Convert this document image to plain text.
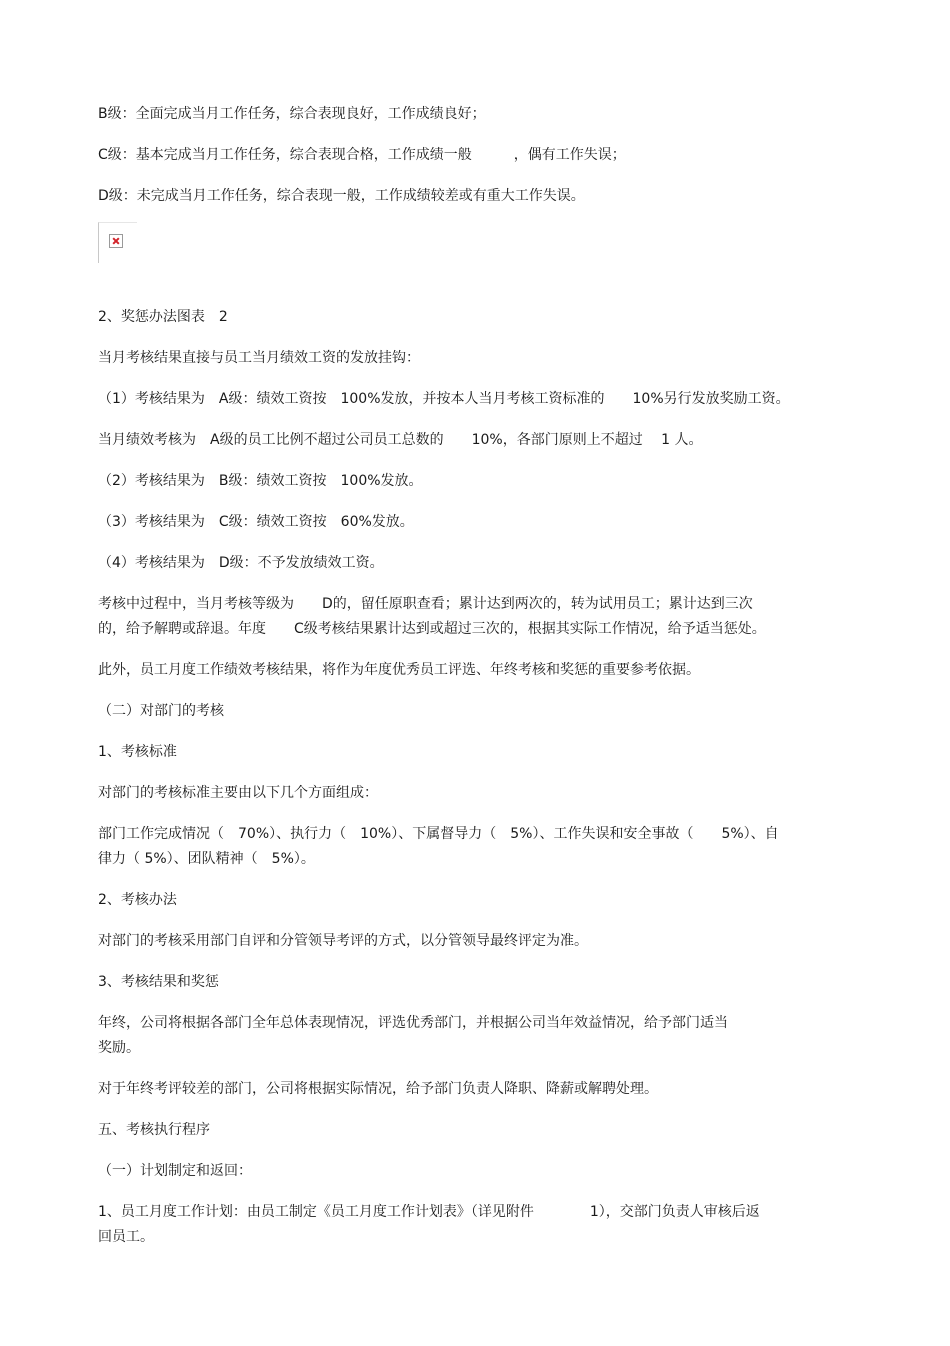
B级：全面完成当月工作任务，综合表现良好，工作成绩良好；

C级：基本完成当月工作任务，综合表现合格，工作成绩一般　　　，偶有工作失误；

D级：未完成当月工作任务，综合表现一般，工作成绩较差或有重大工作失误。

2、奖惩办法图表　2

当月考核结果直接与员工当月绩效工资的发放挂钩：

（1）考核结果为　A级：绩效工资按　100%发放，并按本人当月考核工资标准的　　10%另行发放奖励工资。

当月绩效考核为　A级的员工比例不超过公司员工总数的　　10%，各部门原则上不超过　 1 人。

（2）考核结果为　B级：绩效工资按　100%发放。

（3）考核结果为　C级：绩效工资按　60%发放。

（4）考核结果为　D级：不予发放绩效工资。

考核中过程中，当月考核等级为　　D的，留任原职查看；累计达到两次的，转为试用员工；累计达到三次
的，给予解聘或辞退。年度　　C级考核结果累计达到或超过三次的，根据其实际工作情况，给予适当惩处。

此外，员工月度工作绩效考核结果，将作为年度优秀员工评选、年终考核和奖惩的重要参考依据。

（二）对部门的考核

1、考核标准

对部门的考核标准主要由以下几个方面组成：

部门工作完成情况（　70%）、执行力（　10%）、下属督导力（　5%）、工作失误和安全事故（　　5%）、自
律力（ 5%）、团队精神（　5%）。

2、考核办法

对部门的考核采用部门自评和分管领导考评的方式，以分管领导最终评定为准。

3、考核结果和奖惩

年终，公司将根据各部门全年总体表现情况，评选优秀部门，并根据公司当年效益情况，给予部门适当
奖励。

对于年终考评较差的部门，公司将根据实际情况，给予部门负责人降职、降薪或解聘处理。

五、考核执行程序

（一）计划制定和返回：

1、员工月度工作计划：由员工制定《员工月度工作计划表》（详见附件　　　　1），交部门负责人审核后返
回员工。
